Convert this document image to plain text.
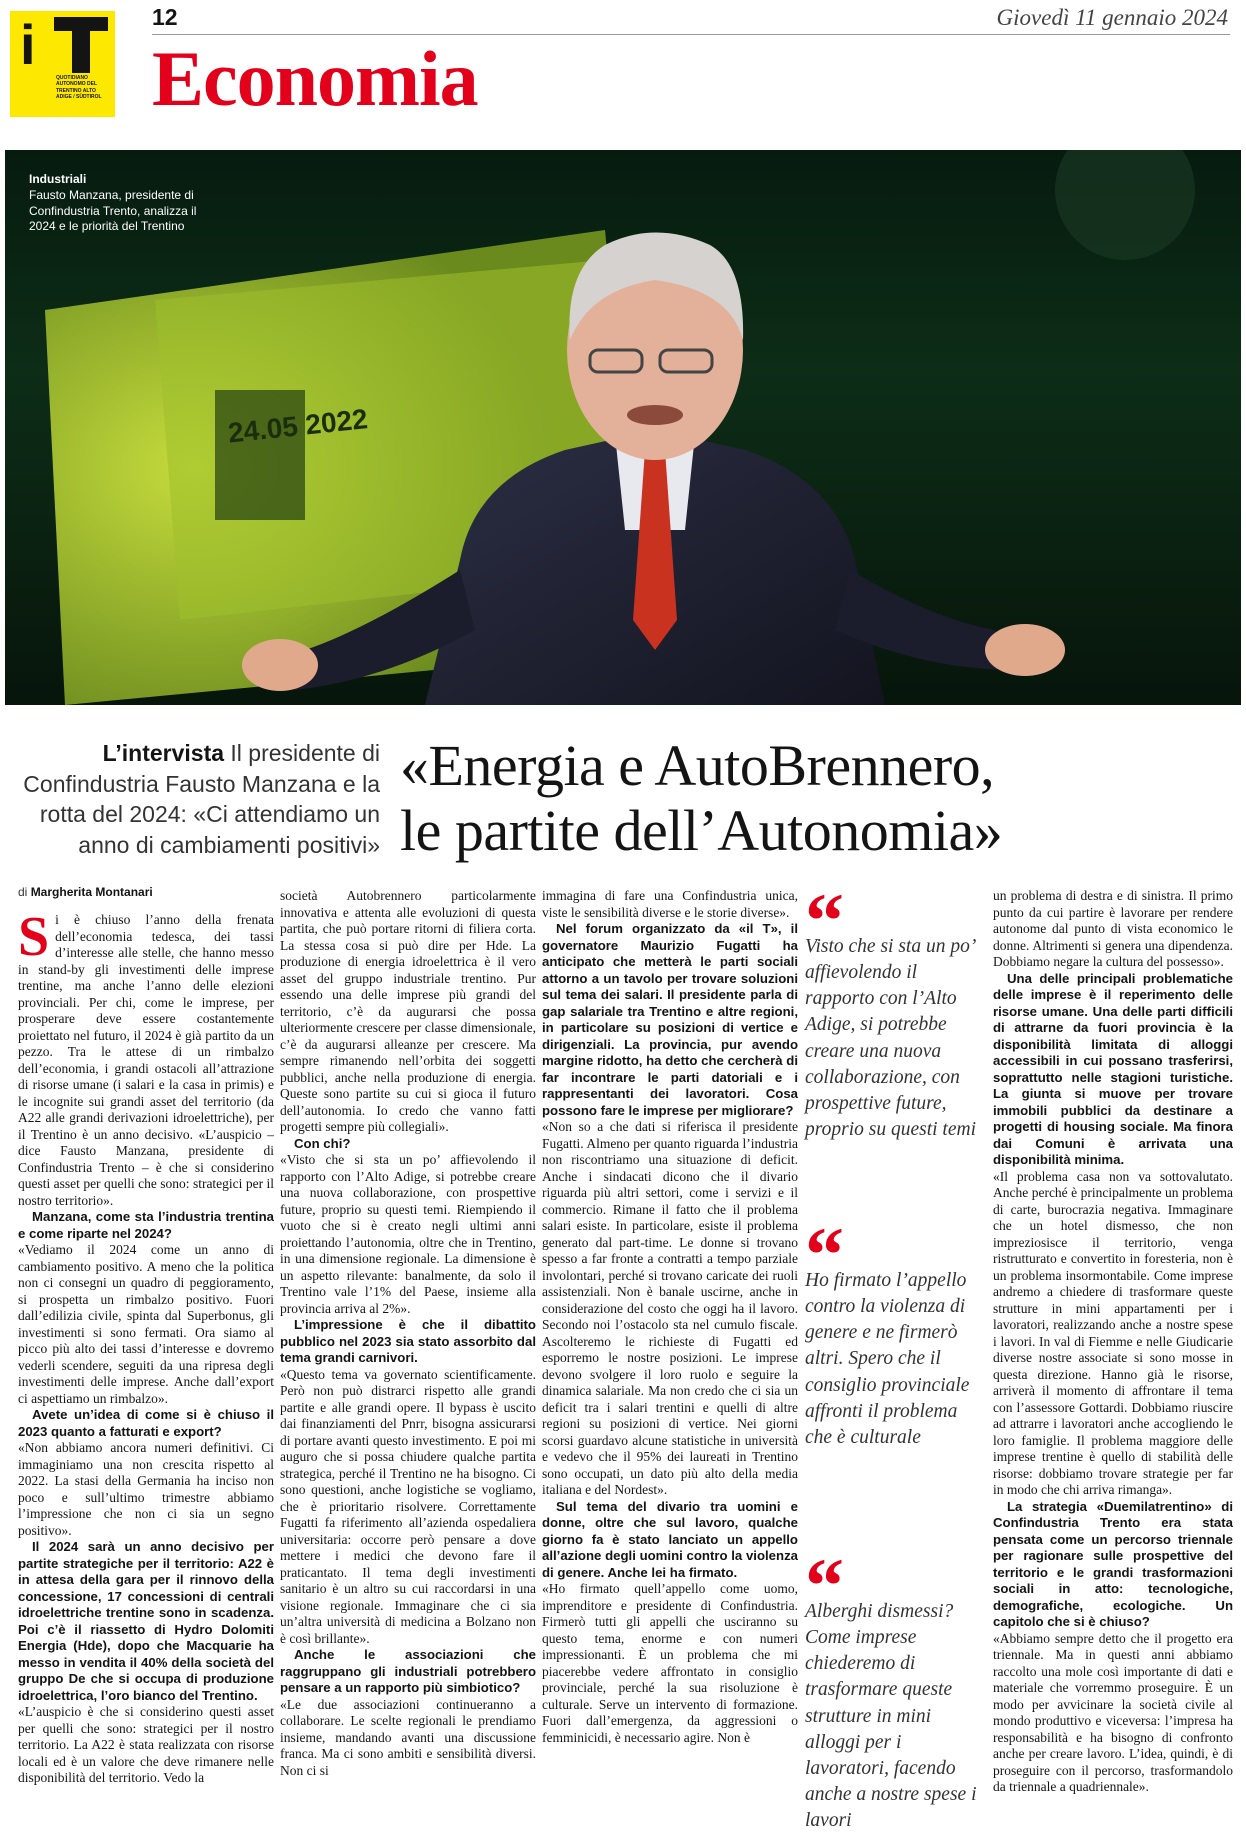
i
QUOTIDIANO AUTONOMO DEL TRENTINO ALTO ADIGE / SÜDTIROL
12	Giovedì 11 gennaio 2024
Economia
24.05 2022
Industriali
Fausto Manzana, presidente di Confindustria Trento, analizza il 2024 e le priorità del Trentino
L’intervista Il presidente di Confindustria Fausto Manzana e la rotta del 2024: «Ci attendiamo un anno di cambiamenti positivi»
«Energia e AutoBrennero,
le partite dell’Autonomia»
di Margherita Montanari
S i è chiuso l’anno della frenata dell’economia tedesca, dei tassi d’interesse alle stelle, che hanno messo in stand-by gli investimenti delle imprese trentine, ma anche l’anno delle elezioni provinciali. Per chi, come le imprese, per prosperare deve essere costantemente proiettato nel futuro, il 2024 è già partito da un pezzo. Tra le attese di un rimbalzo dell’economia, i grandi ostacoli all’attrazione di risorse umane (i salari e la casa in primis) e le incognite sui grandi asset del territorio (da A22 alle grandi derivazioni idroelettriche), per il Trentino è un anno decisivo. «L’auspicio – dice Fausto Manzana, presidente di Confindustria Trento – è che si considerino questi asset per quelli che sono: strategici per il nostro territorio».

Manzana, come sta l’industria trentina e come riparte nel 2024?

«Vediamo il 2024 come un anno di cambiamento positivo. A meno che la politica non ci consegni un quadro di peggioramento, si prospetta un rimbalzo positivo. Fuori dall’edilizia civile, spinta dal Superbonus, gli investimenti si sono fermati. Ora siamo al picco più alto dei tassi d’interesse e dovremo vederli scendere, seguiti da una ripresa degli investimenti delle imprese. Anche dall’export ci aspettiamo un rimbalzo».

Avete un’idea di come si è chiuso il 2023 quanto a fatturati e export?

«Non abbiamo ancora numeri definitivi. Ci immaginiamo una non crescita rispetto al 2022. La stasi della Germania ha inciso non poco e sull’ultimo trimestre abbiamo l’impressione che non ci sia un segno positivo».

Il 2024 sarà un anno decisivo per partite strategiche per il territorio: A22 è in attesa della gara per il rinnovo della concessione, 17 concessioni di centrali idroelettriche trentine sono in scadenza. Poi c’è il riassetto di Hydro Dolomiti Energia (Hde), dopo che Macquarie ha messo in vendita il 40% della società del gruppo De che si occupa di produzione idroelettrica, l’oro bianco del Trentino.

«L’auspicio è che si considerino questi asset per quelli che sono: strategici per il nostro territorio. La A22 è stata realizzata con risorse locali ed è un valore che deve rimanere nelle disponibilità del territorio. Vedo la

società Autobrennero particolarmente innovativa e attenta alle evoluzioni di questa partita, che può portare ritorni di filiera corta. La stessa cosa si può dire per Hde. La produzione di energia idroelettrica è il vero asset del gruppo industriale trentino. Pur essendo una delle imprese più grandi del territorio, c’è da augurarsi che possa ulteriormente crescere per classe dimensionale, c’è da augurarsi alleanze per crescere. Ma sempre rimanendo nell’orbita dei soggetti pubblici, anche nella produzione di energia. Queste sono partite su cui si gioca il futuro dell’autonomia. Io credo che vanno fatti progetti sempre più collegiali».

Con chi?

«Visto che si sta un po’ affievolendo il rapporto con l’Alto Adige, si potrebbe creare una nuova collaborazione, con prospettive future, proprio su questi temi. Riempiendo il vuoto che si è creato negli ultimi anni proiettando l’autonomia, oltre che in Trentino, in una dimensione regionale. La dimensione è un aspetto rilevante: banalmente, da solo il Trentino vale l’1% del Paese, insieme alla provincia arriva al 2%».

L’impressione è che il dibattito pubblico nel 2023 sia stato assorbito dal tema grandi carnivori.

«Questo tema va governato scientificamente. Però non può distrarci rispetto alle grandi partite e alle grandi opere. Il bypass è uscito dai finanziamenti del Pnrr, bisogna assicurarsi di portare avanti questo investimento. E poi mi auguro che si possa chiudere qualche partita strategica, perché il Trentino ne ha bisogno. Ci sono questioni, anche logistiche se vogliamo, che è prioritario risolvere. Correttamente Fugatti fa riferimento all’azienda ospedaliera universitaria: occorre però pensare a dove mettere i medici che devono fare il praticantato. Il tema degli investimenti sanitario è un altro su cui raccordarsi in una visione regionale. Immaginare che ci sia un’altra università di medicina a Bolzano non è così brillante».

Anche le associazioni che raggruppano gli industriali potrebbero pensare a un rapporto più simbiotico?

«Le due associazioni continueranno a collaborare. Le scelte regionali le prendiamo insieme, mandando avanti una discussione franca. Ma ci sono ambiti e sensibilità diversi. Non ci si

immagina di fare una Confindustria unica, viste le sensibilità diverse e le storie diverse».

Nel forum organizzato da «il T», il governatore Maurizio Fugatti ha anticipato che metterà le parti sociali attorno a un tavolo per trovare soluzioni sul tema dei salari. Il presidente parla di gap salariale tra Trentino e altre regioni, in particolare su posizioni di vertice e dirigenziali. La provincia, pur avendo margine ridotto, ha detto che cercherà di far incontrare le parti datoriali e i rappresentanti dei lavoratori. Cosa possono fare le imprese per migliorare?

«Non so a che dati si riferisca il presidente Fugatti. Almeno per quanto riguarda l’industria non riscontriamo una situazione di deficit. Anche i sindacati dicono che il divario riguarda più altri settori, come i servizi e il commercio. Rimane il fatto che il problema salari esiste. In particolare, esiste il problema generato dal part-time. Le donne si trovano spesso a far fronte a contratti a tempo parziale involontari, perché si trovano caricate dei ruoli assistenziali. Non è banale uscirne, anche in considerazione del costo che oggi ha il lavoro. Secondo noi l’ostacolo sta nel cumulo fiscale. Ascolteremo le richieste di Fugatti ed esporremo le nostre posizioni. Le imprese devono svolgere il loro ruolo e seguire la dinamica salariale. Ma non credo che ci sia un deficit tra i salari trentini e quelli di altre regioni su posizioni di vertice. Nei giorni scorsi guardavo alcune statistiche in università e vedevo che il 95% dei laureati in Trentino sono occupati, un dato più alto della media italiana e del Nordest».

Sul tema del divario tra uomini e donne, oltre che sul lavoro, qualche giorno fa è stato lanciato un appello all’azione degli uomini contro la violenza di genere. Anche lei ha firmato.

«Ho firmato quell’appello come uomo, imprenditore e presidente di Confindustria. Firmerò tutti gli appelli che usciranno su questo tema, enorme e con numeri impressionanti. È un problema che mi piacerebbe vedere affrontato in consiglio provinciale, perché la sua risoluzione è culturale. Serve un intervento di formazione. Fuori dall’emergenza, da aggressioni o femminicidi, è necessario agire. Non è

un problema di destra e di sinistra. Il primo punto da cui partire è lavorare per rendere autonome dal punto di vista economico le donne. Altrimenti si genera una dipendenza. Dobbiamo negare la cultura del possesso».

Una delle principali problematiche delle imprese è il reperimento delle risorse umane. Una delle parti difficili di attrarne da fuori provincia è la disponibilità limitata di alloggi accessibili in cui possano trasferirsi, soprattutto nelle stagioni turistiche. La giunta si muove per trovare immobili pubblici da destinare a progetti di housing sociale. Ma finora dai Comuni è arrivata una disponibilità minima.

«Il problema casa non va sottovalutato. Anche perché è principalmente un problema di carte, burocrazia negativa. Immaginare che un hotel dismesso, che non impreziosisce il territorio, venga ristrutturato e convertito in foresteria, non è un problema insormontabile. Come imprese andremo a chiedere di trasformare queste strutture in mini appartamenti per i lavoratori, realizzando anche a nostre spese i lavori. In val di Fiemme e nelle Giudicarie diverse nostre associate si sono mosse in questa direzione. Hanno già le risorse, arriverà il momento di affrontare il tema con l’assessore Gottardi. Dobbiamo riuscire ad attrarre i lavoratori anche accogliendo le loro famiglie. Il problema maggiore delle imprese trentine è quello di stabilità delle risorse: dobbiamo trovare strategie per far in modo che chi arriva rimanga».

La strategia «Duemilatrentino» di Confindustria Trento era stata pensata come un percorso triennale per ragionare sulle prospettive del territorio e le grandi trasformazioni sociali in atto: tecnologiche, demografiche, ecologiche. Un capitolo che si è chiuso?

«Abbiamo sempre detto che il progetto era triennale. Ma in questi anni abbiamo raccolto una mole così importante di dati e materiale che vorremmo proseguire. È un modo per avvicinare la società civile al mondo produttivo e viceversa: l’impresa ha responsabilità e ha bisogno di confronto anche per creare lavoro. L’idea, quindi, è di proseguire con il percorso, trasformandolo da triennale a quadriennale».

“
Visto che si sta un po’ affievolendo il rapporto con l’Alto Adige, si potrebbe creare una nuova collaborazione, con prospettive future, proprio su questi temi
“
Ho firmato l’appello contro la violenza di genere e ne firmerò altri. Spero che il consiglio provinciale affronti il problema che è culturale
“
Alberghi dismessi? Come imprese chiederemo di trasformare queste strutture in mini alloggi per i lavoratori, facendo anche a nostre spese i lavori
